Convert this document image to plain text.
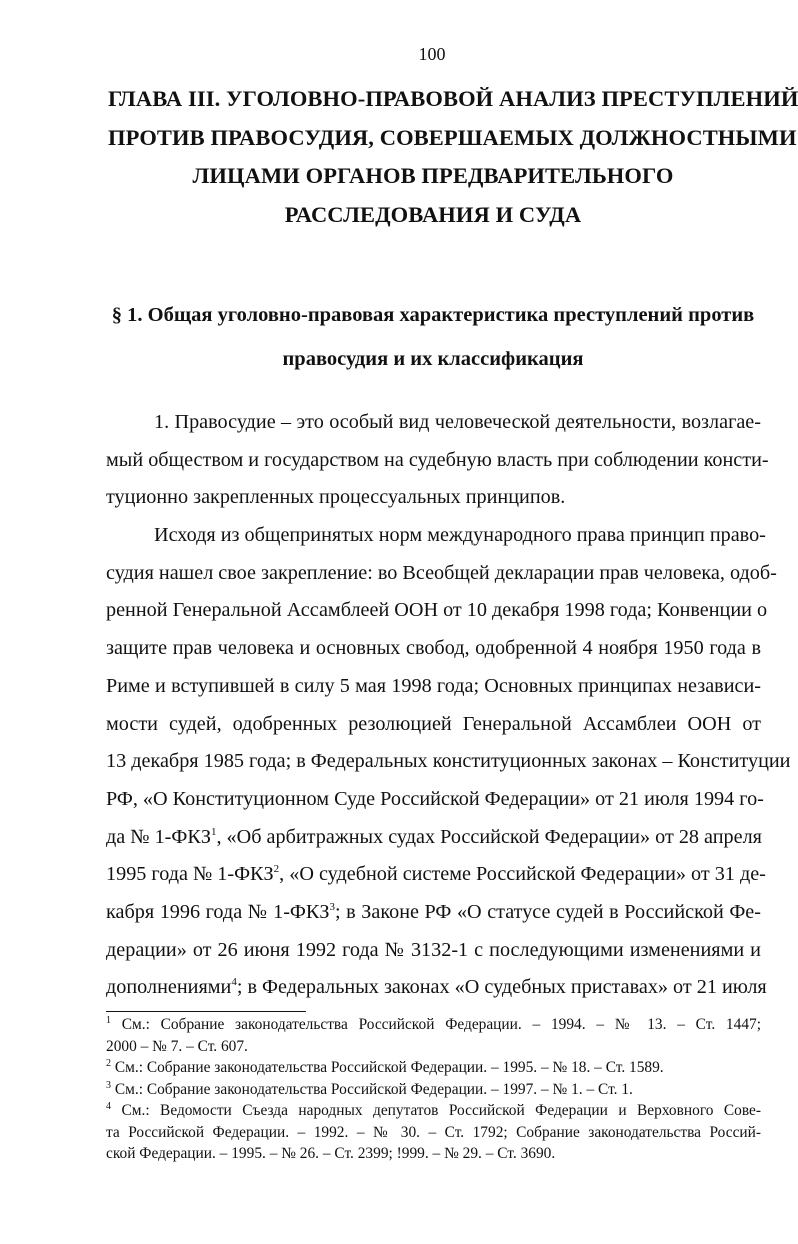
100
ГЛАВА III. УГОЛОВНО-ПРАВОВОЙ АНАЛИЗ ПРЕСТУПЛЕНИЙ
ПРОТИВ ПРАВОСУДИЯ, СОВЕРШАЕМЫХ ДОЛЖНОСТНЫМИ
ЛИЦАМИ ОРГАНОВ ПРЕДВАРИТЕЛЬНОГО
РАССЛЕДОВАНИЯ И СУДА
§ 1. Общая уголовно-правовая характеристика преступлений против
правосудия и их классификация
1. Правосудие – это особый вид человеческой деятельности, возлагае-
мый обществом и государством на судебную власть при соблюдении консти-
туционно закрепленных процессуальных принципов.
Исходя из общепринятых норм международного права принцип право-
судия нашел свое закрепление: во Всеобщей декларации прав человека, одоб-
ренной Генеральной Ассамблеей ООН от 10 декабря 1998 года; Конвенции о
защите прав человека и основных свобод, одобренной 4 ноября 1950 года в
Риме и вступившей в силу 5 мая 1998 года; Основных принципах независи-
мости судей, одобренных резолюцией Генеральной Ассамблеи ООН от
13 декабря 1985 года; в Федеральных конституционных законах – Конституции
РФ, «О Конституционном Суде Российской Федерации» от 21 июля 1994 го-
да № 1-ФКЗ$^1$, «Об арбитражных судах Российской Федерации» от 28 апреля
1995 года № 1-ФКЗ$^2$, «О судебной системе Российской Федерации» от 31 де-
кабря 1996 года № 1-ФКЗ$^3$; в Законе РФ «О статусе судей в Российской Фе-
дерации» от 26 июня 1992 года № 3132-1 с последующими изменениями и
дополнениями$^4$; в Федеральных законах «О судебных приставах» от 21 июля
$^1$ См.: Собрание законодательства Российской Федерации. – 1994. – № 13. – Ст. 1447;
2000 – № 7. – Ст. 607.
$^2$ См.: Собрание законодательства Российской Федерации. – 1995. – № 18. – Ст. 1589.
$^3$ См.: Собрание законодательства Российской Федерации. – 1997. – № 1. – Ст. 1.
$^4$ См.: Ведомости Съезда народных депутатов Российской Федерации и Верховного Сове-
та Российской Федерации. – 1992. – № 30. – Ст. 1792; Собрание законодательства Россий-
ской Федерации. – 1995. – № 26. – Ст. 2399; !999. – № 29. – Ст. 3690.
